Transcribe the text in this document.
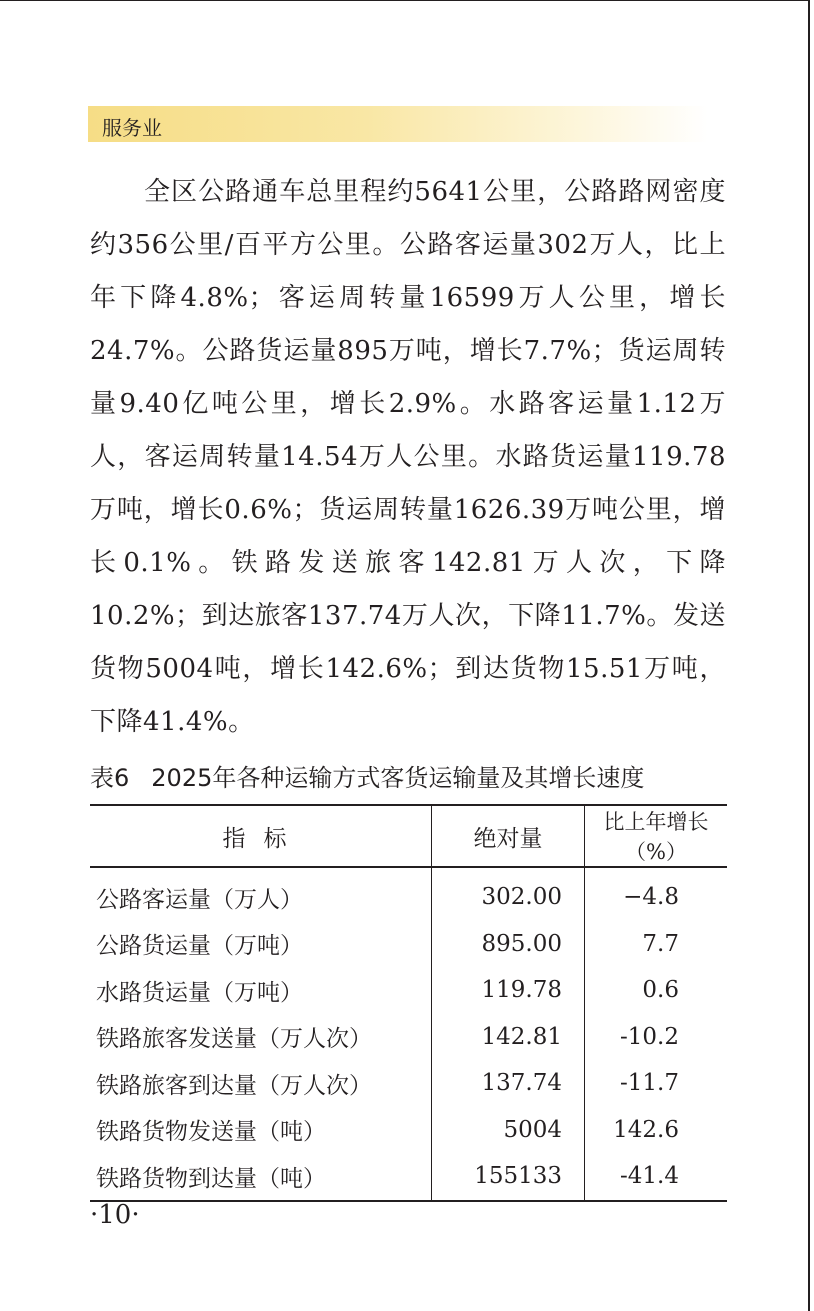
服务业
全区公路通车总里程约5641公里，公路路网密度约356公里/百平方公里。公路客运量302万人，比上年下降4.8%；客运周转量16599万人公里，增长24.7%。公路货运量895万吨，增长7.7%；货运周转量9.40亿吨公里，增长2.9%。水路客运量1.12万人，客运周转量14.54万人公里。水路货运量119.78万吨，增长0.6%；货运周转量1626.39万吨公里，增长0.1%。铁路发送旅客142.81万人次，下降10.2%；到达旅客137.74万人次，下降11.7%。发送货物5004吨，增长142.6%；到达货物15.51万吨，下降41.4%。
表6 2025年各种运输方式客货运输量及其增长速度
指标	绝对量	比上年增长（%）
公路客运量（万人）	302.00	−4.8
公路货运量（万吨）	895.00	7.7
水路货运量（万吨）	119.78	0.6
铁路旅客发送量（万人次）	142.81	-10.2
铁路旅客到达量（万人次）	137.74	-11.7
铁路货物发送量（吨）	5004	142.6
铁路货物到达量（吨）	155133	-41.4
·10·
